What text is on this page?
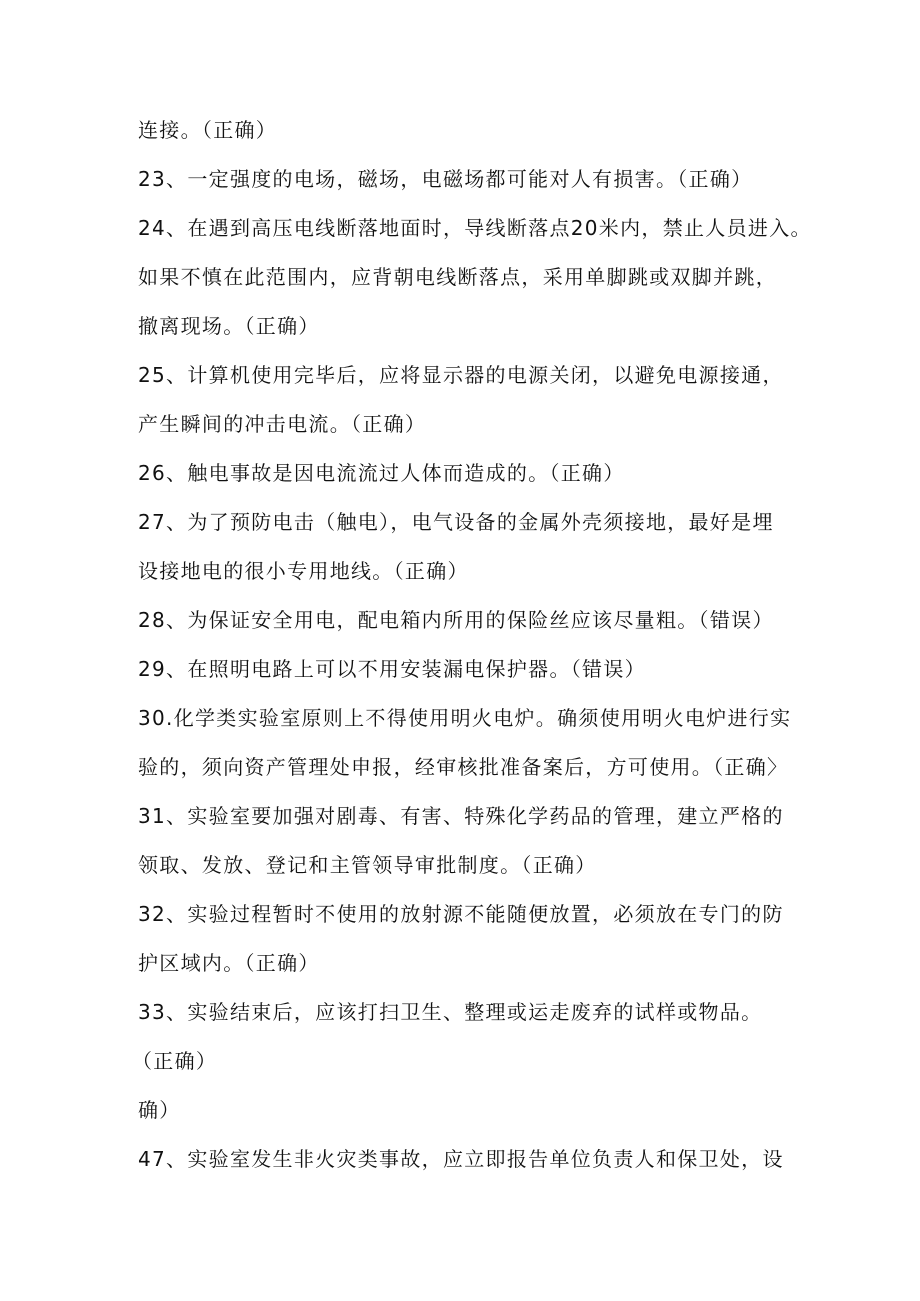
连接。（正确）
23、一定强度的电场，磁场，电磁场都可能对人有损害。（正确）
24、在遇到高压电线断落地面时，导线断落点20米内，禁止人员进入。
如果不慎在此范围内，应背朝电线断落点，采用单脚跳或双脚并跳，
撤离现场。（正确）
25、计算机使用完毕后，应将显示器的电源关闭，以避免电源接通，
产生瞬间的冲击电流。（正确）
26、触电事故是因电流流过人体而造成的。（正确）
27、为了预防电击（触电），电气设备的金属外壳须接地，最好是埋
设接地电的很小专用地线。（正确）
28、为保证安全用电，配电箱内所用的保险丝应该尽量粗。（错误）
29、在照明电路上可以不用安装漏电保护器。（错误）
30.化学类实验室原则上不得使用明火电炉。确须使用明火电炉进行实
验的，须向资产管理处申报，经审核批准备案后，方可使用。（正确〉
31、实验室要加强对剧毒、有害、特殊化学药品的管理，建立严格的
领取、发放、登记和主管领导审批制度。（正确）
32、实验过程暂时不使用的放射源不能随便放置，必须放在专门的防
护区域内。（正确）
33、实验结束后，应该打扫卫生、整理或运走废弃的试样或物品。
（正确）
确）
47、实验室发生非火灾类事故，应立即报告单位负责人和保卫处，设
